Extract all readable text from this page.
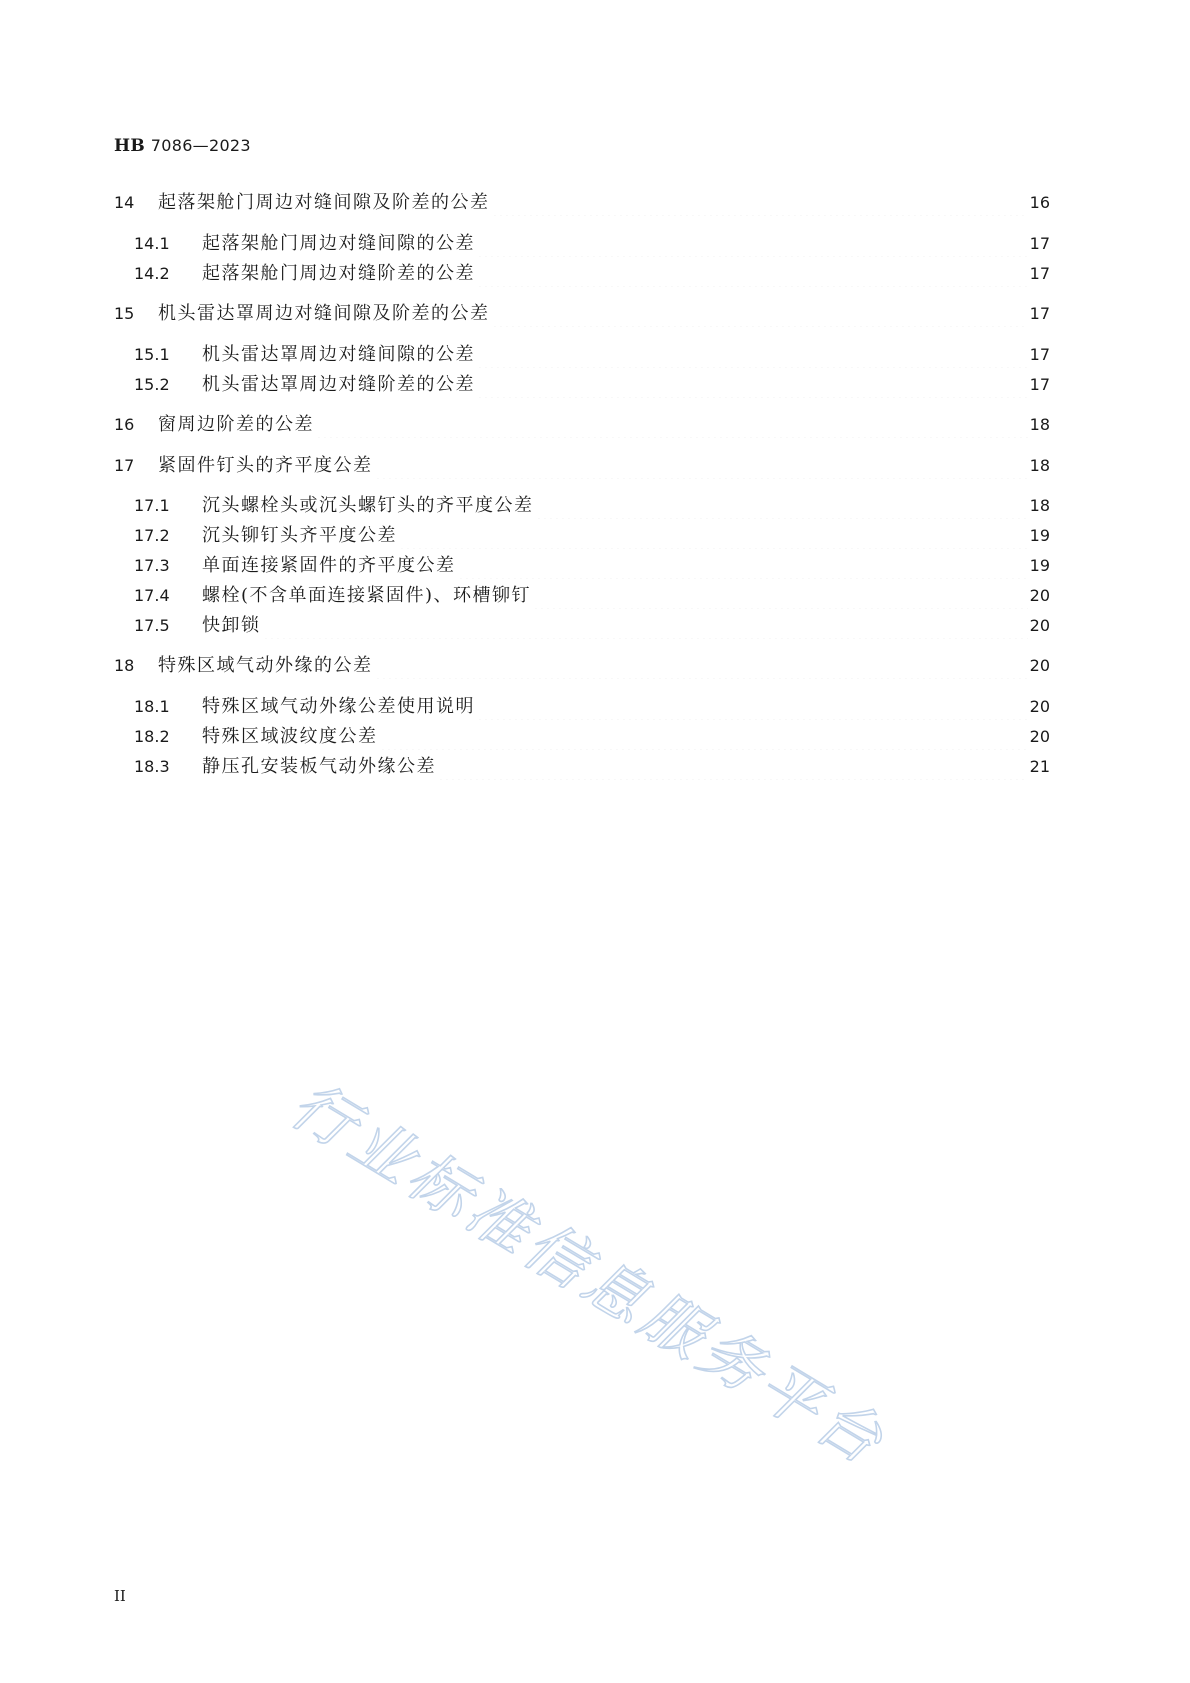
HB 7086—2023
14	起落架舱门周边对缝间隙及阶差的公差	16
14.1	起落架舱门周边对缝间隙的公差	17
14.2	起落架舱门周边对缝阶差的公差	17
15	机头雷达罩周边对缝间隙及阶差的公差	17
15.1	机头雷达罩周边对缝间隙的公差	17
15.2	机头雷达罩周边对缝阶差的公差	17
16	窗周边阶差的公差	18
17	紧固件钉头的齐平度公差	18
17.1	沉头螺栓头或沉头螺钉头的齐平度公差	18
17.2	沉头铆钉头齐平度公差	19
17.3	单面连接紧固件的齐平度公差	19
17.4	螺栓(不含单面连接紧固件)、环槽铆钉	20
17.5	快卸锁	20
18	特殊区域气动外缘的公差	20
18.1	特殊区域气动外缘公差使用说明	20
18.2	特殊区域波纹度公差	20
18.3	静压孔安装板气动外缘公差	21
行业标准信息服务平台
II
